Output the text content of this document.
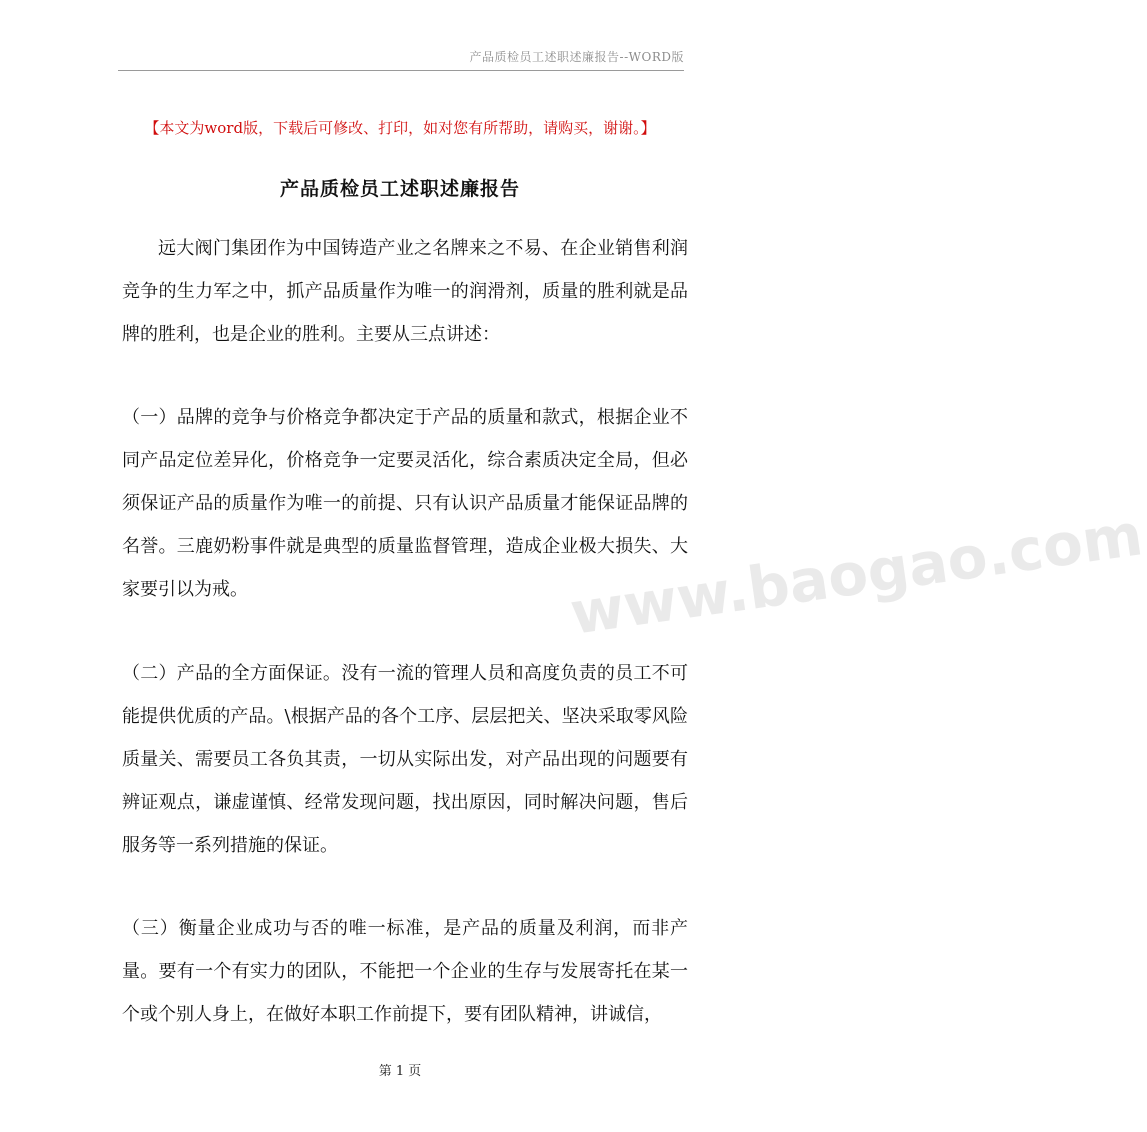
产品质检员工述职述廉报告--WORD版
【本文为word版，下载后可修改、打印，如对您有所帮助，请购买，谢谢。】
产品质检员工述职述廉报告

远大阀门集团作为中国铸造产业之名牌来之不易、在企业销售利润竞争的生力军之中，抓产品质量作为唯一的润滑剂，质量的胜利就是品牌的胜利，也是企业的胜利。主要从三点讲述：

（一）品牌的竞争与价格竞争都决定于产品的质量和款式，根据企业不同产品定位差异化，价格竞争一定要灵活化，综合素质决定全局，但必须保证产品的质量作为唯一的前提、只有认识产品质量才能保证品牌的名誉。三鹿奶粉事件就是典型的质量监督管理，造成企业极大损失、大家要引以为戒。

（二）产品的全方面保证。没有一流的管理人员和高度负责的员工不可能提供优质的产品。\根据产品的各个工序、层层把关、坚决采取零风险质量关、需要员工各负其责，一切从实际出发，对产品出现的问题要有辨证观点，谦虚谨慎、经常发现问题，找出原因，同时解决问题，售后服务等一系列措施的保证。

（三）衡量企业成功与否的唯一标准，是产品的质量及利润，而非产量。要有一个有实力的团队，不能把一个企业的生存与发展寄托在某一个或个别人身上，在做好本职工作前提下，要有团队精神，讲诚信，

www.baogao.com
第 1 页
